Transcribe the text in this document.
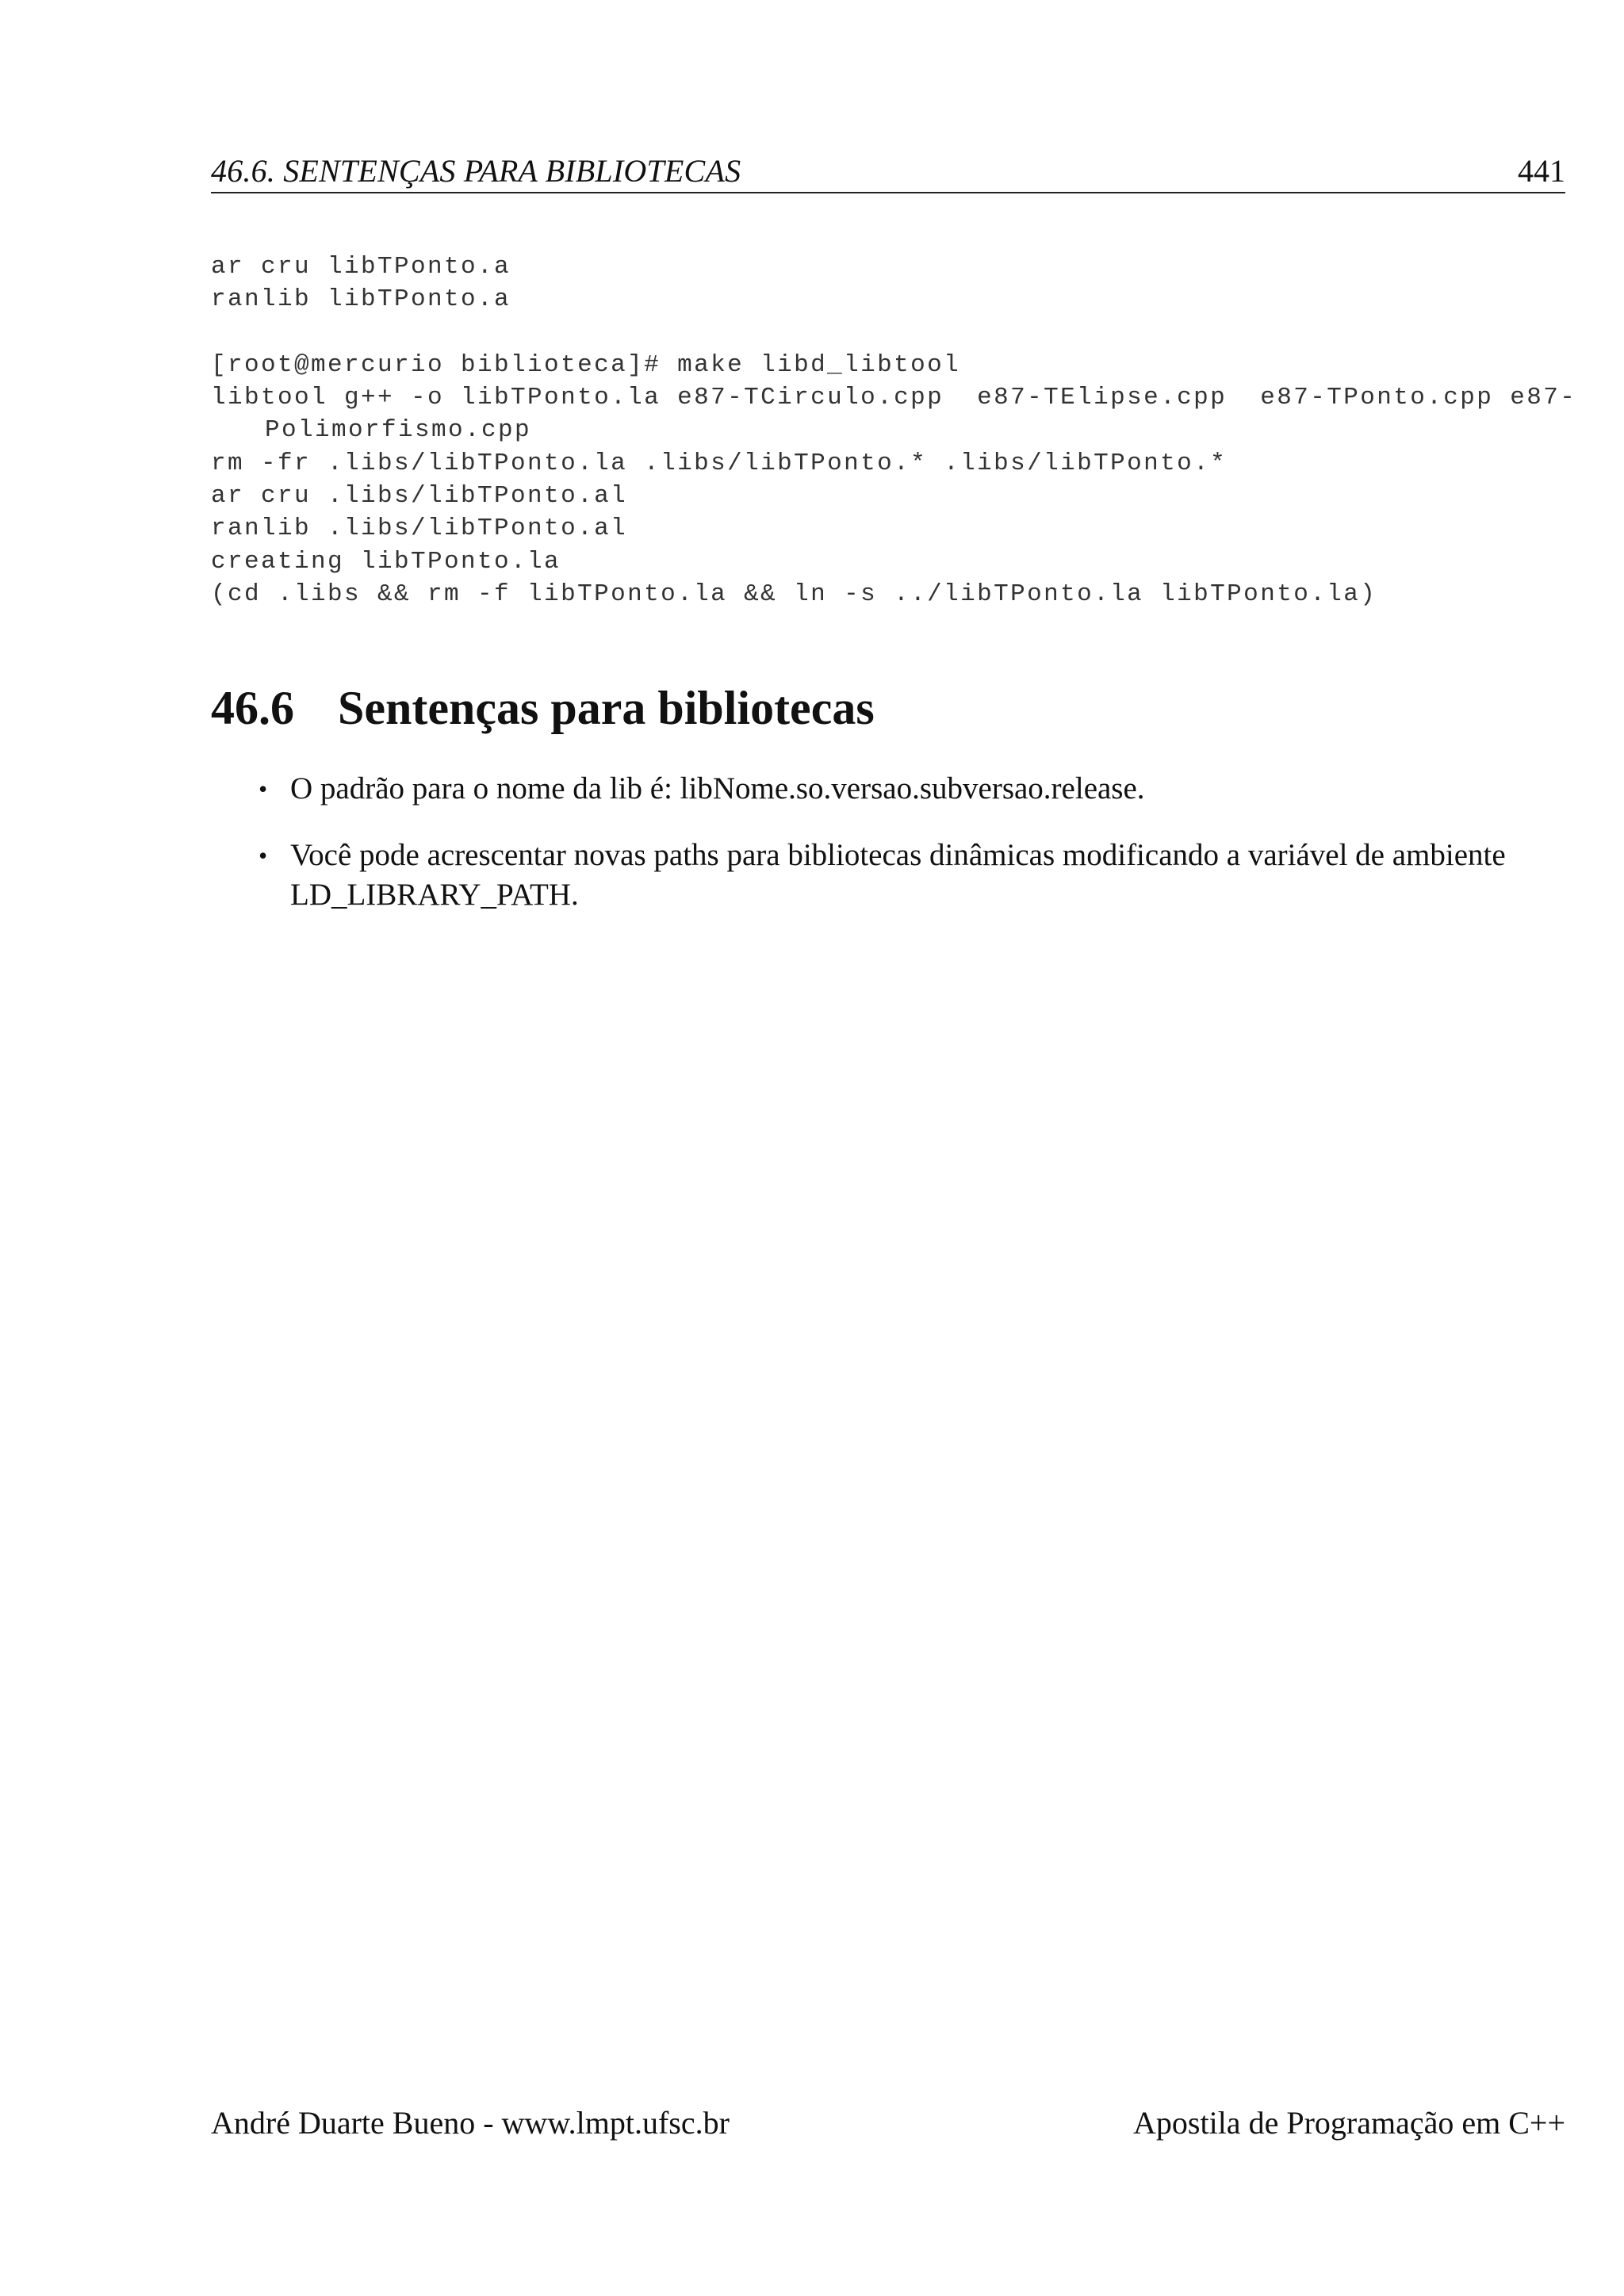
46.6. SENTENÇAS PARA BIBLIOTECAS	441
ar cru libTPonto.a
ranlib libTPonto.a
[root@mercurio biblioteca]# make libd_libtool
libtool g++ -o libTPonto.la e87-TCirculo.cpp  e87-TElipse.cpp  e87-TPonto.cpp e87-
Polimorfismo.cpp
rm -fr .libs/libTPonto.la .libs/libTPonto.* .libs/libTPonto.*
ar cru .libs/libTPonto.al
ranlib .libs/libTPonto.al
creating libTPonto.la
(cd .libs && rm -f libTPonto.la && ln -s ../libTPonto.la libTPonto.la)
46.6 Sentenças para bibliotecas
• O padrão para o nome da lib é: libNome.so.versao.subversao.release.
• Você pode acrescentar novas paths para bibliotecas dinâmicas modificando a variável de ambiente LD_LIBRARY_PATH.
André Duarte Bueno - www.lmpt.ufsc.br	Apostila de Programação em C++
